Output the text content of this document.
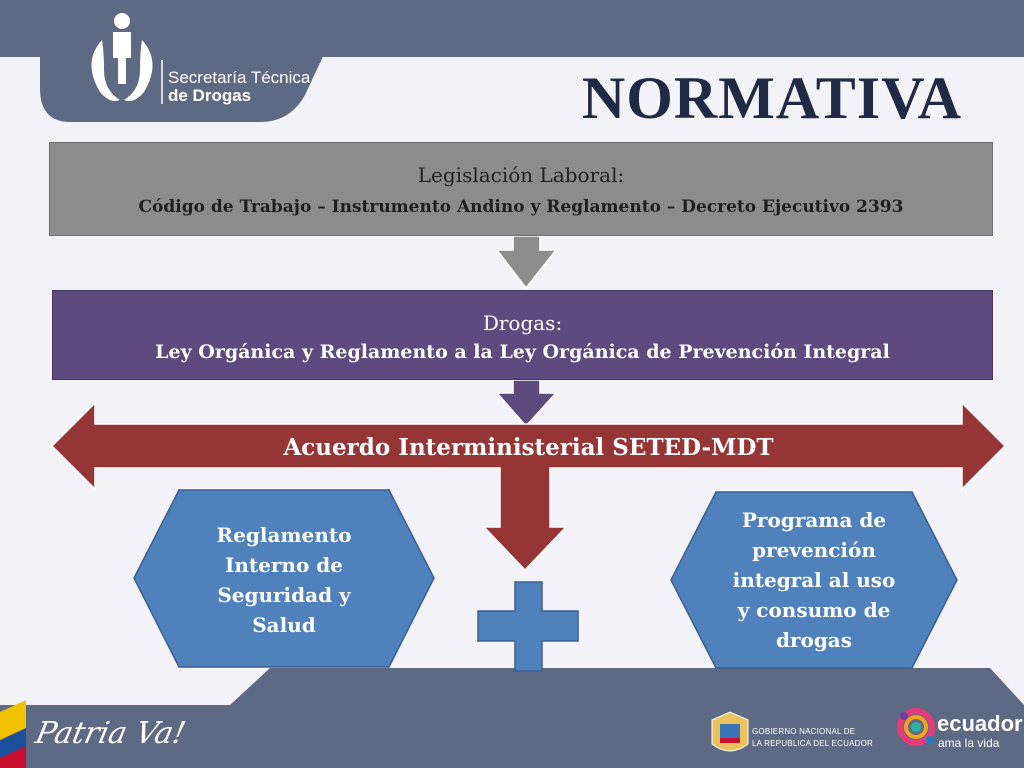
Secretaría Técnica
de Drogas	NORMATIVA
Legislación Laboral:
Código de Trabajo – Instrumento Andino y Reglamento – Decreto Ejecutivo 2393
Drogas:
Ley Orgánica y Reglamento a la Ley Orgánica de Prevención Integral
Acuerdo Interministerial SETED-MDT
Reglamento Interno de Seguridad y Salud
Programa de prevención integral al uso y consumo de drogas
Patria Va!	GOBIERNO NACIONAL DE
LA REPUBLICA DEL ECUADOR
ecuador
ama la vida
